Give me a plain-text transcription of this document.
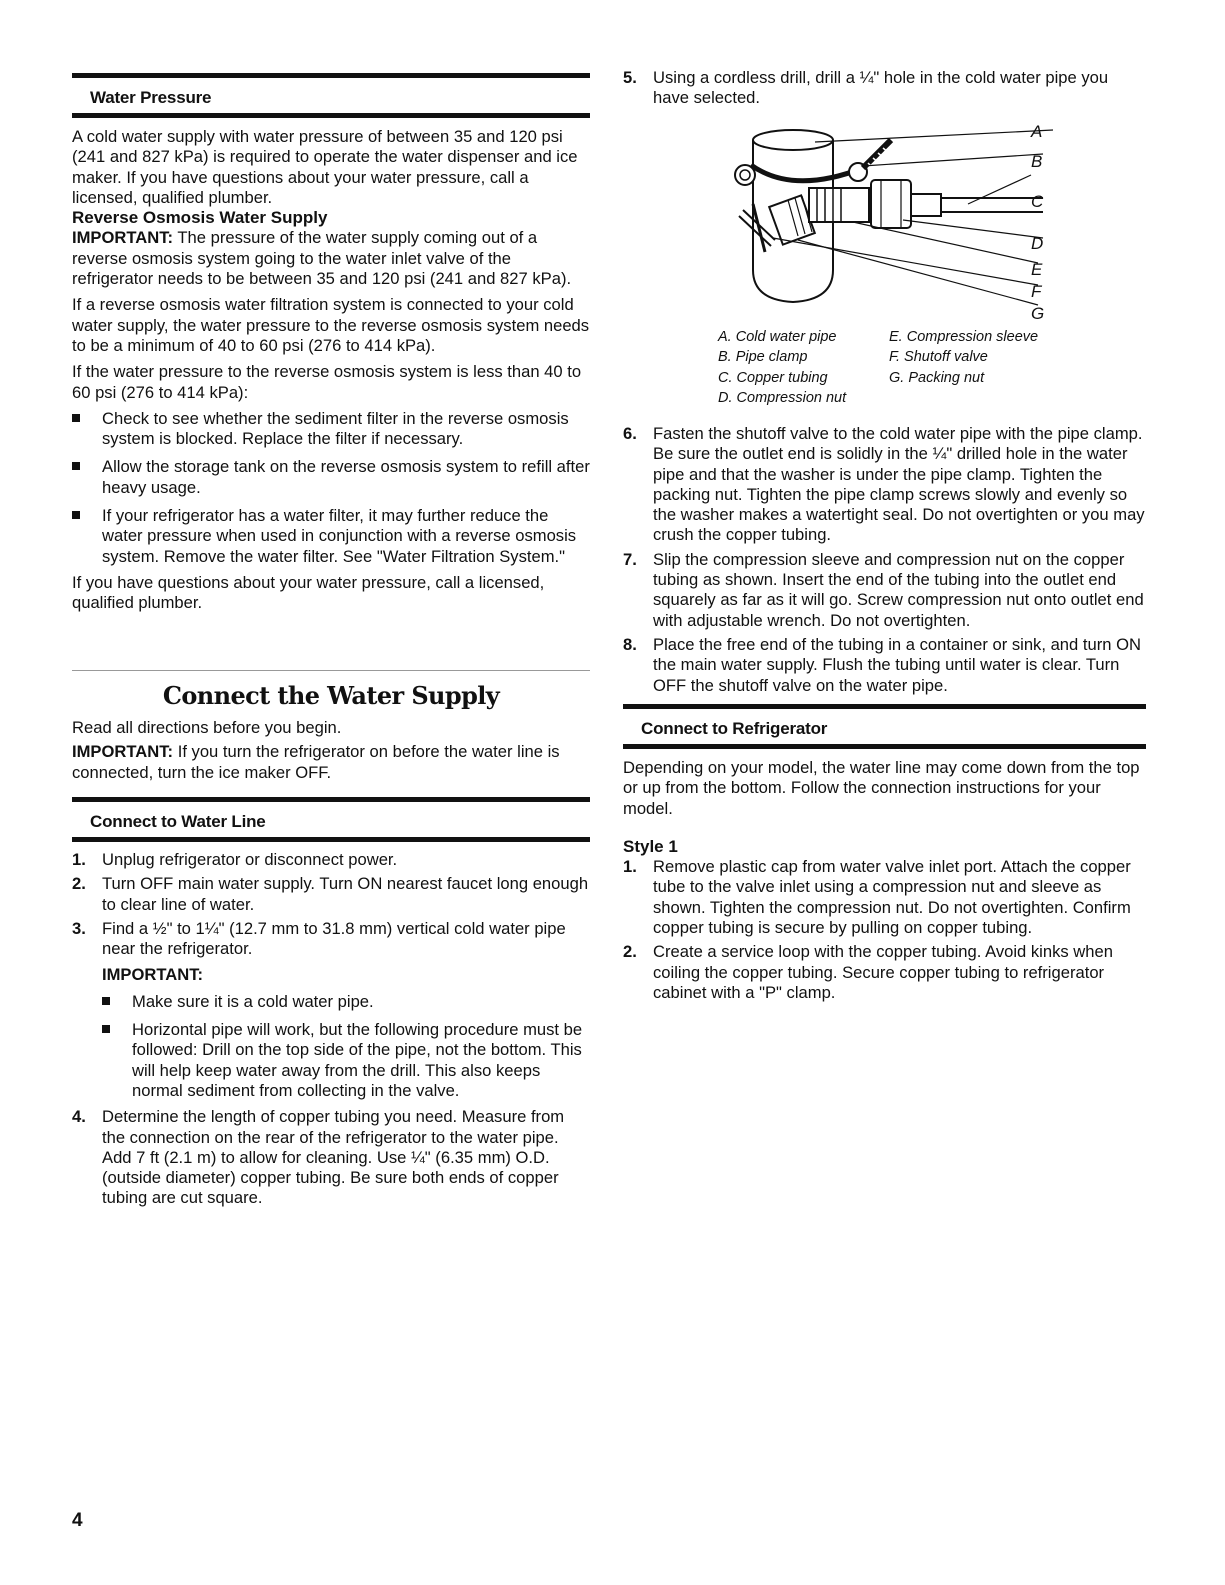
Water Pressure

A cold water supply with water pressure of between 35 and 120 psi (241 and 827 kPa) is required to operate the water dispenser and ice maker. If you have questions about your water pressure, call a licensed, qualified plumber.

Reverse Osmosis Water Supply

IMPORTANT: The pressure of the water supply coming out of a reverse osmosis system going to the water inlet valve of the refrigerator needs to be between 35 and 120 psi (241 and 827 kPa).

If a reverse osmosis water filtration system is connected to your cold water supply, the water pressure to the reverse osmosis system needs to be a minimum of 40 to 60 psi (276 to 414 kPa).

If the water pressure to the reverse osmosis system is less than 40 to 60 psi (276 to 414 kPa):

Check to see whether the sediment filter in the reverse osmosis system is blocked. Replace the filter if necessary.
Allow the storage tank on the reverse osmosis system to refill after heavy usage.
If your refrigerator has a water filter, it may further reduce the water pressure when used in conjunction with a reverse osmosis system. Remove the water filter. See "Water Filtration System."

If you have questions about your water pressure, call a licensed, qualified plumber.

Connect the Water Supply

Read all directions before you begin.

IMPORTANT: If you turn the refrigerator on before the water line is connected, turn the ice maker OFF.

Connect to Water Line
1. Unplug refrigerator or disconnect power.
2. Turn OFF main water supply. Turn ON nearest faucet long enough to clear line of water.
3. Find a ½" to 1¼" (12.7 mm to 31.8 mm) vertical cold water pipe near the refrigerator.

IMPORTANT:

Make sure it is a cold water pipe.
Horizontal pipe will work, but the following procedure must be followed: Drill on the top side of the pipe, not the bottom. This will help keep water away from the drill. This also keeps normal sediment from collecting in the valve.
4. Determine the length of copper tubing you need. Measure from the connection on the rear of the refrigerator to the water pipe. Add 7 ft (2.1 m) to allow for cleaning. Use ¼" (6.35 mm) O.D. (outside diameter) copper tubing. Be sure both ends of copper tubing are cut square.
5. Using a cordless drill, drill a ¼" hole in the cold water pipe you have selected.
A
B
C
D
E
F
G
A. Cold water pipe
B. Pipe clamp
C. Copper tubing
D. Compression nut
E. Compression sleeve
F. Shutoff valve
G. Packing nut
6. Fasten the shutoff valve to the cold water pipe with the pipe clamp. Be sure the outlet end is solidly in the ¼" drilled hole in the water pipe and that the washer is under the pipe clamp. Tighten the packing nut. Tighten the pipe clamp screws slowly and evenly so the washer makes a watertight seal. Do not overtighten or you may crush the copper tubing.
7. Slip the compression sleeve and compression nut on the copper tubing as shown. Insert the end of the tubing into the outlet end squarely as far as it will go. Screw compression nut onto outlet end with adjustable wrench. Do not overtighten.
8. Place the free end of the tubing in a container or sink, and turn ON the main water supply. Flush the tubing until water is clear. Turn OFF the shutoff valve on the water pipe.
Connect to Refrigerator

Depending on your model, the water line may come down from the top or up from the bottom. Follow the connection instructions for your model.

Style 1

1. Remove plastic cap from water valve inlet port. Attach the copper tube to the valve inlet using a compression nut and sleeve as shown. Tighten the compression nut. Do not overtighten. Confirm copper tubing is secure by pulling on copper tubing.
2. Create a service loop with the copper tubing. Avoid kinks when coiling the copper tubing. Secure copper tubing to refrigerator cabinet with a "P" clamp.
4
